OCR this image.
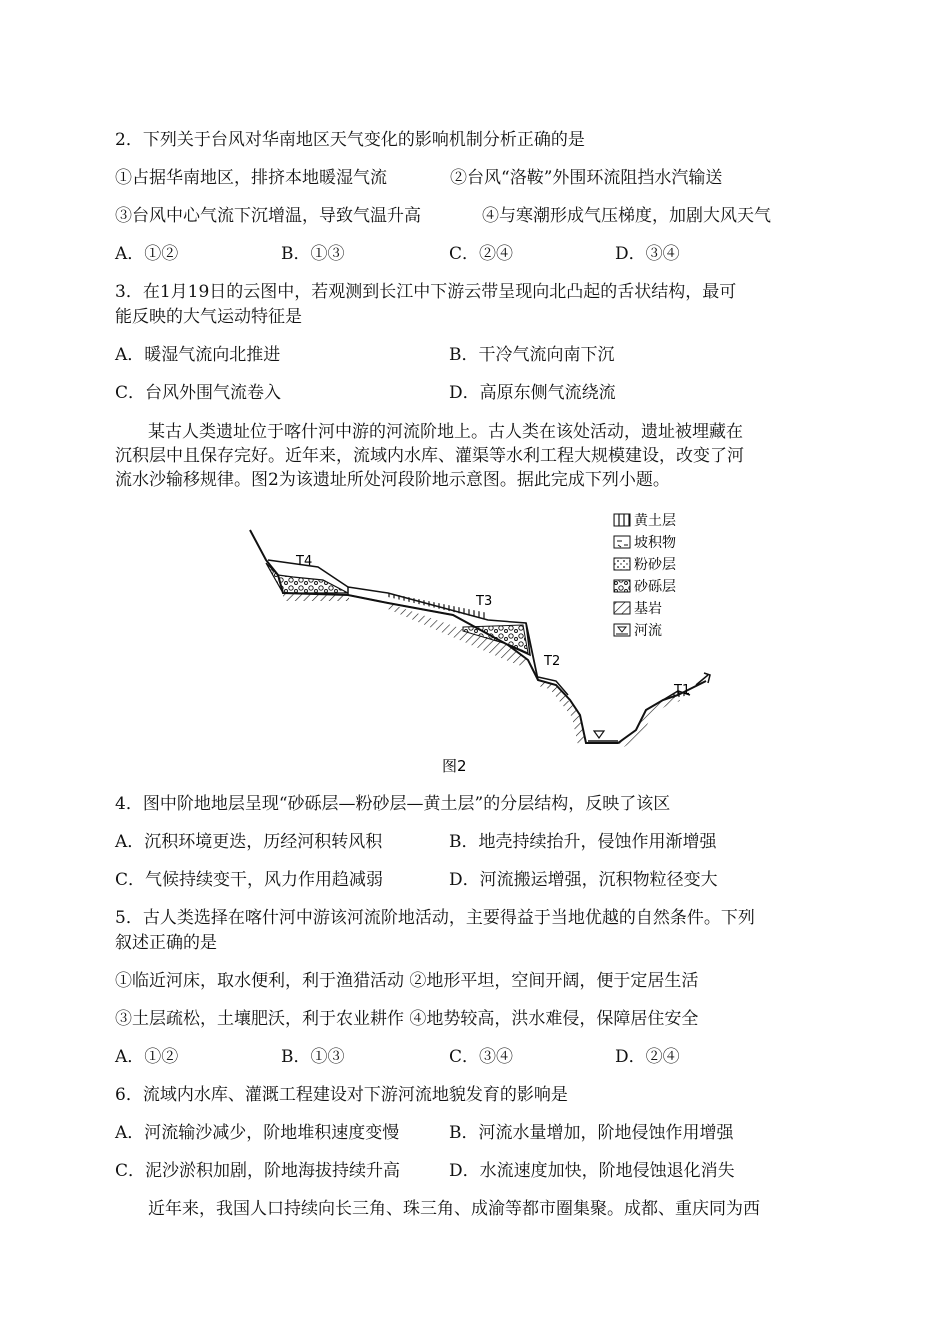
2．下列关于台风对华南地区天气变化的影响机制分析正确的是
①占据华南地区，排挤本地暖湿气流	②台风“洛鞍”外围环流阻挡水汽输送
③台风中心气流下沉增温，导致气温升高	④与寒潮形成气压梯度，加剧大风天气
A．①②	B．①③	C．②④	D．③④
3．在1月19日的云图中，若观测到长江中下游云带呈现向北凸起的舌状结构，最可
能反映的大气运动特征是
A．暖湿气流向北推进	B．干冷气流向南下沉
C．台风外围气流卷入	D．高原东侧气流绕流
某古人类遗址位于喀什河中游的河流阶地上。古人类在该处活动，遗址被埋藏在
沉积层中且保存完好。近年来，流域内水库、灌渠等水利工程大规模建设，改变了河
流水沙输移规律。图2为该遗址所处河段阶地示意图。据此完成下列小题。
T4
T3
T2
T1
黄土层
坡积物
粉砂层
砂砾层
基岩
河流
图2
4．图中阶地地层呈现“砂砾层—粉砂层—黄土层”的分层结构，反映了该区
A．沉积环境更迭，历经河积转风积	B．地壳持续抬升，侵蚀作用渐增强
C．气候持续变干，风力作用趋减弱	D．河流搬运增强，沉积物粒径变大
5．古人类选择在喀什河中游该河流阶地活动，主要得益于当地优越的自然条件。下列
叙述正确的是
①临近河床，取水便利，利于渔猎活动 ②地形平坦，空间开阔，便于定居生活
③土层疏松，土壤肥沃，利于农业耕作 ④地势较高，洪水难侵，保障居住安全
A．①②	B．①③	C．③④	D．②④
6．流域内水库、灌溉工程建设对下游河流地貌发育的影响是
A．河流输沙减少，阶地堆积速度变慢	B．河流水量增加，阶地侵蚀作用增强
C．泥沙淤积加剧，阶地海拔持续升高	D．水流速度加快，阶地侵蚀退化消失
近年来，我国人口持续向长三角、珠三角、成渝等都市圈集聚。成都、重庆同为西
